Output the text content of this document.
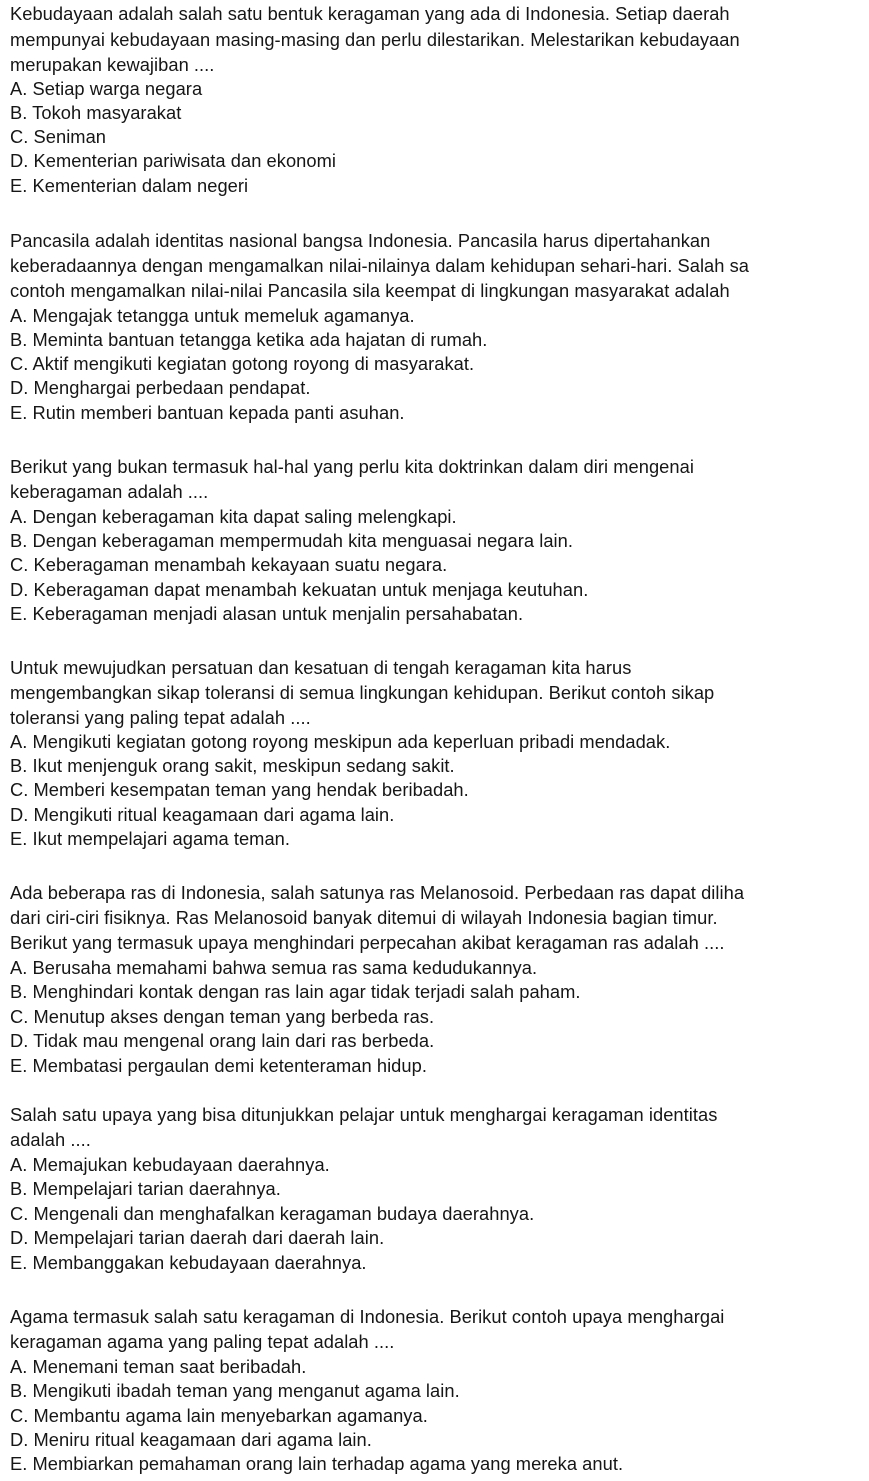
Kebudayaan adalah salah satu bentuk keragaman yang ada di Indonesia. Setiap daerah
mempunyai kebudayaan masing-masing dan perlu dilestarikan. Melestarikan kebudayaan
merupakan kewajiban ....
A. Setiap warga negara
B. Tokoh masyarakat
C. Seniman
D. Kementerian pariwisata dan ekonomi
E. Kementerian dalam negeri
Pancasila adalah identitas nasional bangsa Indonesia. Pancasila harus dipertahankan
keberadaannya dengan mengamalkan nilai-nilainya dalam kehidupan sehari-hari. Salah sa
contoh mengamalkan nilai-nilai Pancasila sila keempat di lingkungan masyarakat adalah
A. Mengajak tetangga untuk memeluk agamanya.
B. Meminta bantuan tetangga ketika ada hajatan di rumah.
C. Aktif mengikuti kegiatan gotong royong di masyarakat.
D. Menghargai perbedaan pendapat.
E. Rutin memberi bantuan kepada panti asuhan.
Berikut yang bukan termasuk hal-hal yang perlu kita doktrinkan dalam diri mengenai
keberagaman adalah ....
A. Dengan keberagaman kita dapat saling melengkapi.
B. Dengan keberagaman mempermudah kita menguasai negara lain.
C. Keberagaman menambah kekayaan suatu negara.
D. Keberagaman dapat menambah kekuatan untuk menjaga keutuhan.
E. Keberagaman menjadi alasan untuk menjalin persahabatan.
Untuk mewujudkan persatuan dan kesatuan di tengah keragaman kita harus
mengembangkan sikap toleransi di semua lingkungan kehidupan. Berikut contoh sikap
toleransi yang paling tepat adalah ....
A. Mengikuti kegiatan gotong royong meskipun ada keperluan pribadi mendadak.
B. Ikut menjenguk orang sakit, meskipun sedang sakit.
C. Memberi kesempatan teman yang hendak beribadah.
D. Mengikuti ritual keagamaan dari agama lain.
E. Ikut mempelajari agama teman.
Ada beberapa ras di Indonesia, salah satunya ras Melanosoid. Perbedaan ras dapat diliha
dari ciri-ciri fisiknya. Ras Melanosoid banyak ditemui di wilayah Indonesia bagian timur.
Berikut yang termasuk upaya menghindari perpecahan akibat keragaman ras adalah ....
A. Berusaha memahami bahwa semua ras sama kedudukannya.
B. Menghindari kontak dengan ras lain agar tidak terjadi salah paham.
C. Menutup akses dengan teman yang berbeda ras.
D. Tidak mau mengenal orang lain dari ras berbeda.
E. Membatasi pergaulan demi ketenteraman hidup.
Salah satu upaya yang bisa ditunjukkan pelajar untuk menghargai keragaman identitas
adalah ....
A. Memajukan kebudayaan daerahnya.
B. Mempelajari tarian daerahnya.
C. Mengenali dan menghafalkan keragaman budaya daerahnya.
D. Mempelajari tarian daerah dari daerah lain.
E. Membanggakan kebudayaan daerahnya.
Agama termasuk salah satu keragaman di Indonesia. Berikut contoh upaya menghargai
keragaman agama yang paling tepat adalah ....
A. Menemani teman saat beribadah.
B. Mengikuti ibadah teman yang menganut agama lain.
C. Membantu agama lain menyebarkan agamanya.
D. Meniru ritual keagamaan dari agama lain.
E. Membiarkan pemahaman orang lain terhadap agama yang mereka anut.
